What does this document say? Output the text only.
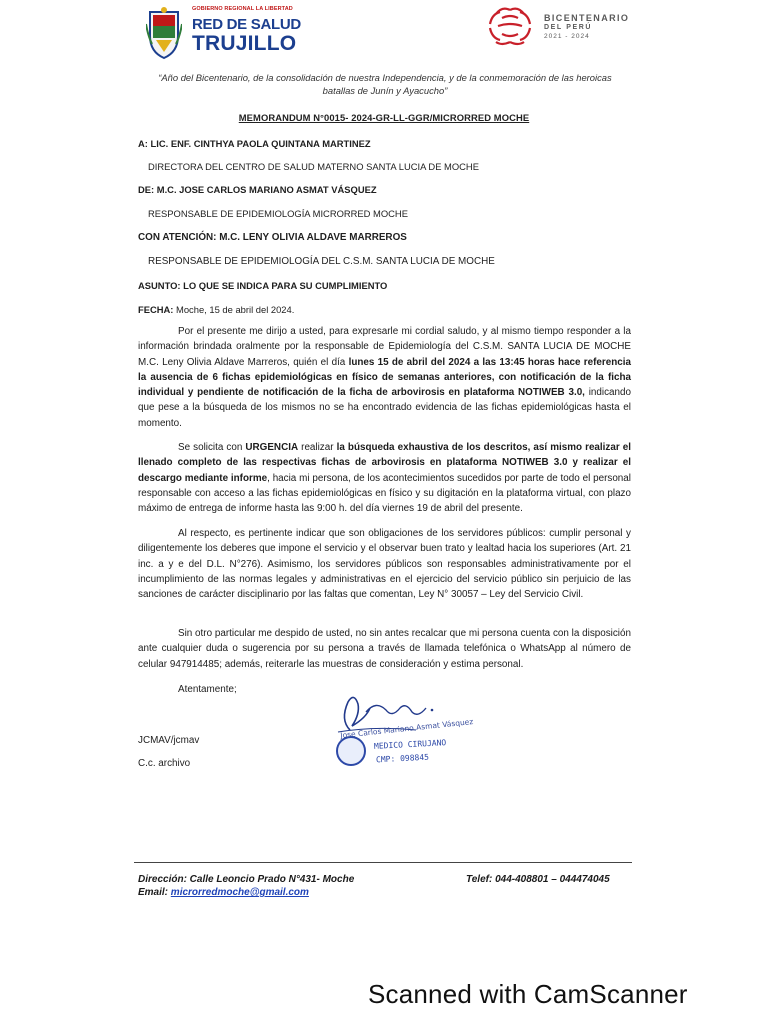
GOBIERNO REGIONAL LA LIBERTAD
RED DE SALUD
TRUJILLO
BICENTENARIO
DEL PERÚ
2021 - 2024
“Año del Bicentenario, de la consolidación de nuestra Independencia, y de la conmemoración de las heroicas
batallas de Junín y Ayacucho”
MEMORANDUM N°0015- 2024-GR-LL-GGR/MICRORRED MOCHE
A: LIC. ENF. CINTHYA PAOLA QUINTANA MARTINEZ
DIRECTORA DEL CENTRO DE SALUD MATERNO SANTA LUCIA DE MOCHE
DE: M.C. JOSE CARLOS MARIANO ASMAT VÁSQUEZ
RESPONSABLE DE EPIDEMIOLOGÍA MICRORRED MOCHE
CON ATENCIÓN: M.C. LENY OLIVIA ALDAVE MARREROS
RESPONSABLE DE EPIDEMIOLOGÍA DEL C.S.M. SANTA LUCIA DE MOCHE
ASUNTO: LO QUE SE INDICA PARA SU CUMPLIMIENTO
FECHA: Moche, 15 de abril del 2024.
Por el presente me dirijo a usted, para expresarle mi cordial saludo, y al mismo tiempo responder a la información brindada oralmente por la responsable de Epidemiología del C.S.M. SANTA LUCIA DE MOCHE M.C. Leny Olivia Aldave Marreros, quién el día lunes 15 de abril del 2024 a las 13:45 horas hace referencia la ausencia de 6 fichas epidemiológicas en físico de semanas anteriores, con notificación de la ficha individual y pendiente de notificación de la ficha de arbovirosis en plataforma NOTIWEB 3.0, indicando que pese a la búsqueda de los mismos no se ha encontrado evidencia de las fichas epidemiológicas hasta el momento.
Se solicita con URGENCIA realizar la búsqueda exhaustiva de los descritos, así mismo realizar el llenado completo de las respectivas fichas de arbovirosis en plataforma NOTIWEB 3.0 y realizar el descargo mediante informe, hacia mi persona, de los acontecimientos sucedidos por parte de todo el personal responsable con acceso a las fichas epidemiológicas en físico y su digitación en la plataforma virtual, con plazo máximo de entrega de informe hasta las 9:00 h. del día viernes 19 de abril del presente.
Al respecto, es pertinente indicar que son obligaciones de los servidores públicos: cumplir personal y diligentemente los deberes que impone el servicio y el observar buen trato y lealtad hacia los superiores (Art. 21 inc. a y e del D.L. N°276). Asimismo, los servidores públicos son responsables administrativamente por el incumplimiento de las normas legales y administrativas en el ejercicio del servicio público sin perjuicio de las sanciones de carácter disciplinario por las faltas que comentan, Ley N° 30057 – Ley del Servicio Civil.
Sin otro particular me despido de usted, no sin antes recalcar que mi persona cuenta con la disposición ante cualquier duda o sugerencia por su persona a través de llamada telefónica o WhatsApp al número de celular 947914485; además, reiterarle las muestras de consideración y estima personal.
Atentamente;
JCMAV/jcmav
C.c. archivo
Jose Carlos Mariano Asmat Vásquez
MEDICO CIRUJANO
CMP: 098845
Dirección: Calle Leoncio Prado N°431- Moche	Telef: 044-408801 – 044474045
Email: microrredmoche@gmail.com
Scanned with CamScanner
